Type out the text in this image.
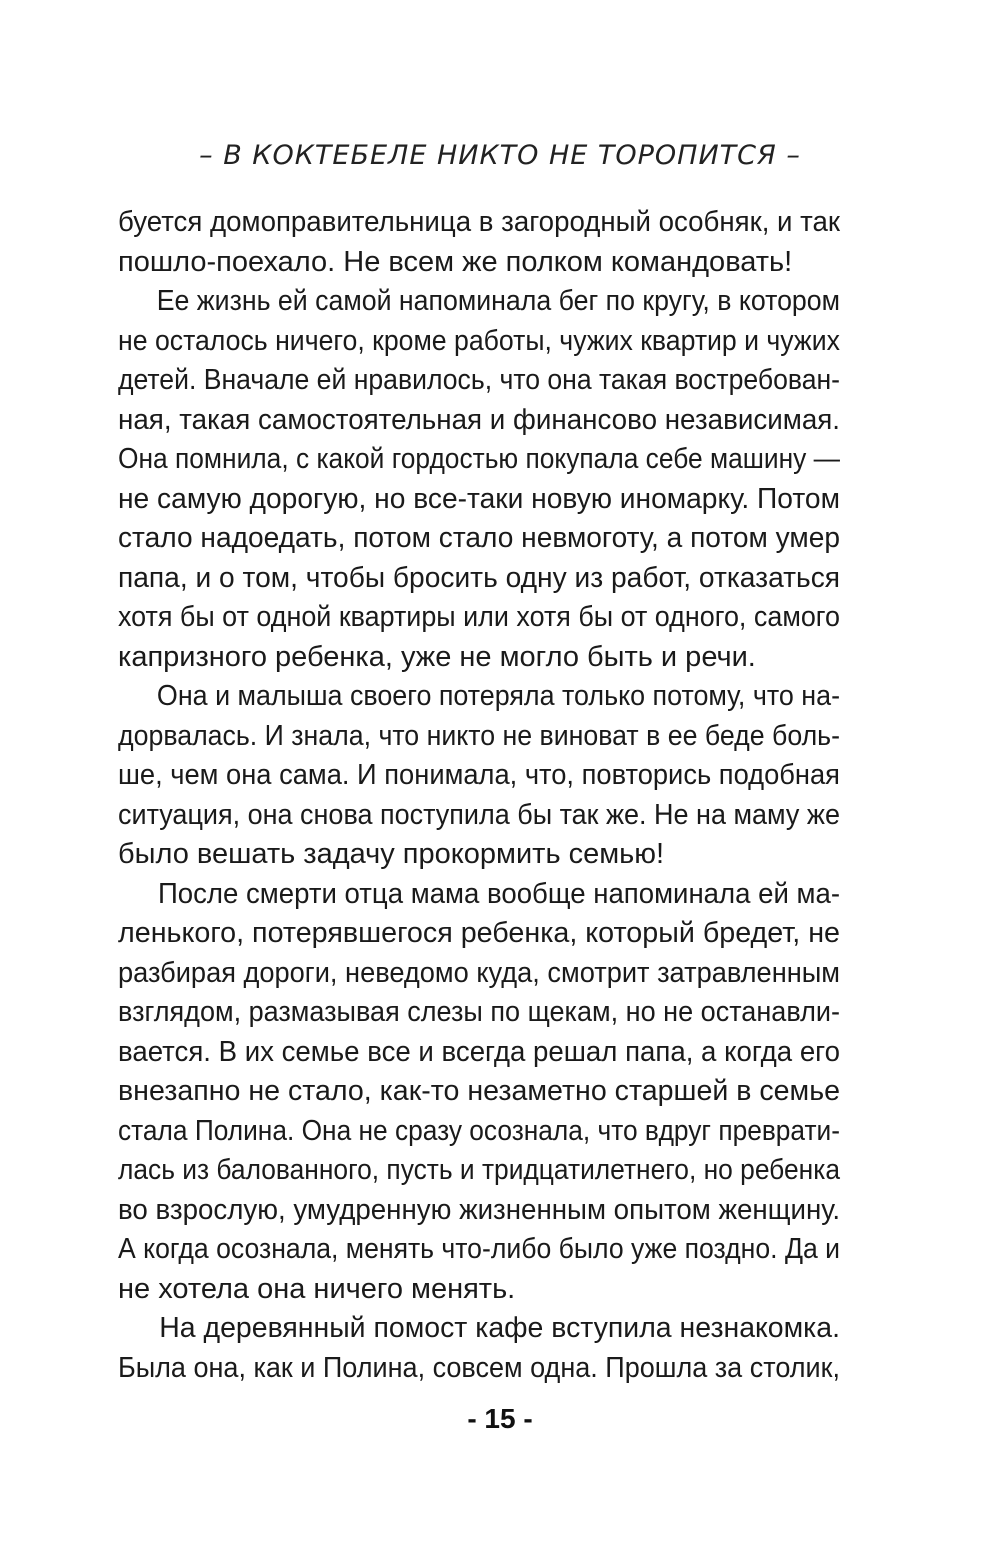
– В КОКТЕБЕЛЕ НИКТО НЕ ТОРОПИТСЯ –
буется домоправительница в загородный особняк, и так
пошло-поехало. Не всем же полком командовать!
Ее жизнь ей самой напоминала бег по кругу, в котором
не осталось ничего, кроме работы, чужих квартир и чужих
детей. Вначале ей нравилось, что она такая востребован-
ная, такая самостоятельная и финансово независимая.
Она помнила, с какой гордостью покупала себе машину —
не самую дорогую, но все-таки новую иномарку. Потом
стало надоедать, потом стало невмоготу, а потом умер
папа, и о том, чтобы бросить одну из работ, отказаться
хотя бы от одной квартиры или хотя бы от одного, самого
капризного ребенка, уже не могло быть и речи.
Она и малыша своего потеряла только потому, что на-
дорвалась. И знала, что никто не виноват в ее беде боль-
ше, чем она сама. И понимала, что, повторись подобная
ситуация, она снова поступила бы так же. Не на маму же
было вешать задачу прокормить семью!
После смерти отца мама вообще напоминала ей ма-
ленького, потерявшегося ребенка, который бредет, не
разбирая дороги, неведомо куда, смотрит затравленным
взглядом, размазывая слезы по щекам, но не останавли-
вается. В их семье все и всегда решал папа, а когда его
внезапно не стало, как-то незаметно старшей в семье
стала Полина. Она не сразу осознала, что вдруг преврати-
лась из балованного, пусть и тридцатилетнего, но ребенка
во взрослую, умудренную жизненным опытом женщину.
А когда осознала, менять что-либо было уже поздно. Да и
не хотела она ничего менять.
На деревянный помост кафе вступила незнакомка.
Была она, как и Полина, совсем одна. Прошла за столик,
- 15 -
